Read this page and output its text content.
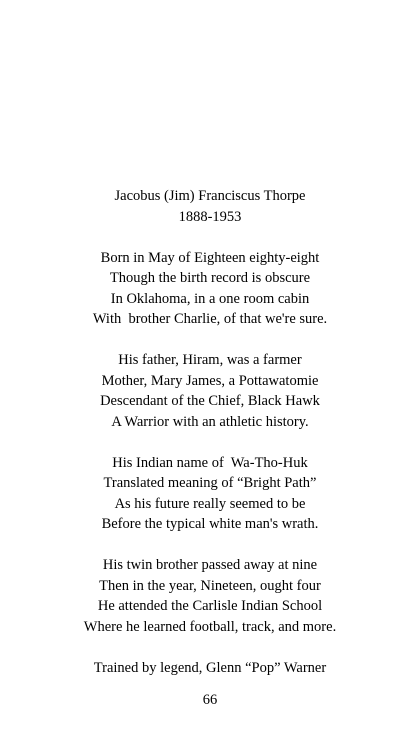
Jacobus (Jim) Franciscus Thorpe
1888-1953
Born in May of Eighteen eighty-eight
Though the birth record is obscure
In Oklahoma, in a one room cabin
With  brother Charlie, of that we're sure.
His father, Hiram, was a farmer
Mother, Mary James, a Pottawatomie
Descendant of the Chief, Black Hawk
A Warrior with an athletic history.
His Indian name of  Wa-Tho-Huk
Translated meaning of “Bright Path”
As his future really seemed to be
Before the typical white man's wrath.
His twin brother passed away at nine
Then in the year, Nineteen, ought four
He attended the Carlisle Indian School
Where he learned football, track, and more.
Trained by legend, Glenn “Pop” Warner
66
